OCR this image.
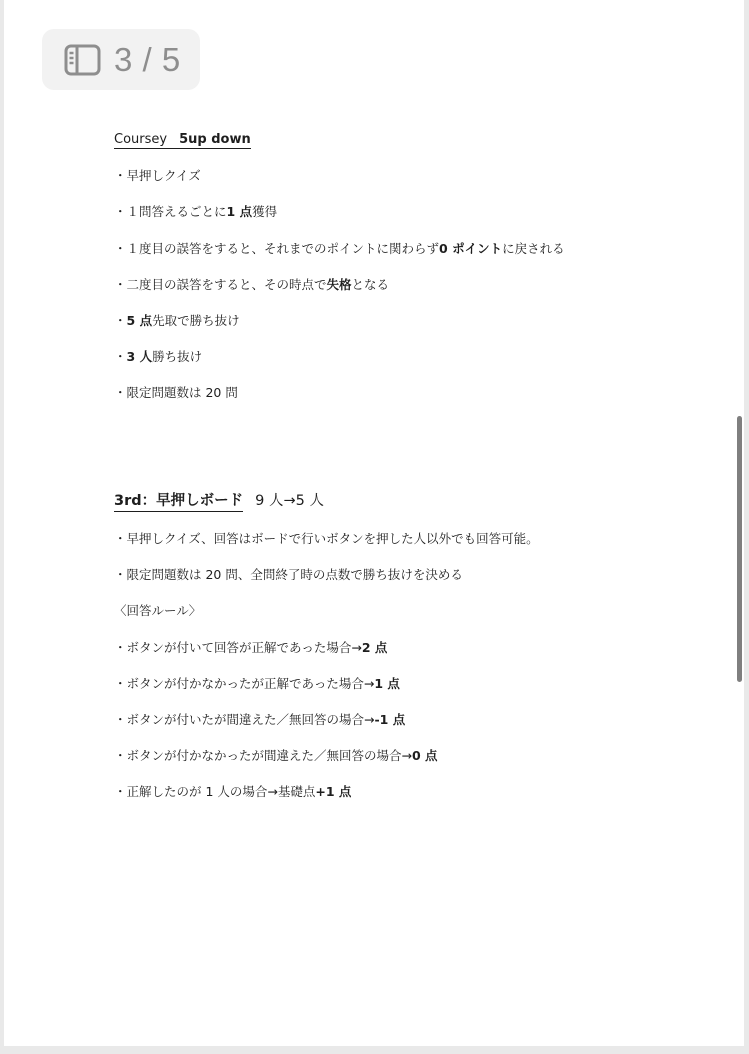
3 / 5
Coursey 5up down
・早押しクイズ
・１問答えるごとに1 点獲得
・１度目の誤答をすると、それまでのポイントに関わらず0 ポイントに戻される
・二度目の誤答をすると、その時点で失格となる
・5 点先取で勝ち抜け
・3 人勝ち抜け
・限定問題数は 20 問
3rd：早押しボード 9 人→5 人
・早押しクイズ、回答はボードで行いボタンを押した人以外でも回答可能。
・限定問題数は 20 問、全問終了時の点数で勝ち抜けを決める
〈回答ルール〉
・ボタンが付いて回答が正解であった場合→2 点
・ボタンが付かなかったが正解であった場合→1 点
・ボタンが付いたが間違えた／無回答の場合→-1 点
・ボタンが付かなかったが間違えた／無回答の場合→0 点
・正解したのが 1 人の場合→基礎点+1 点
